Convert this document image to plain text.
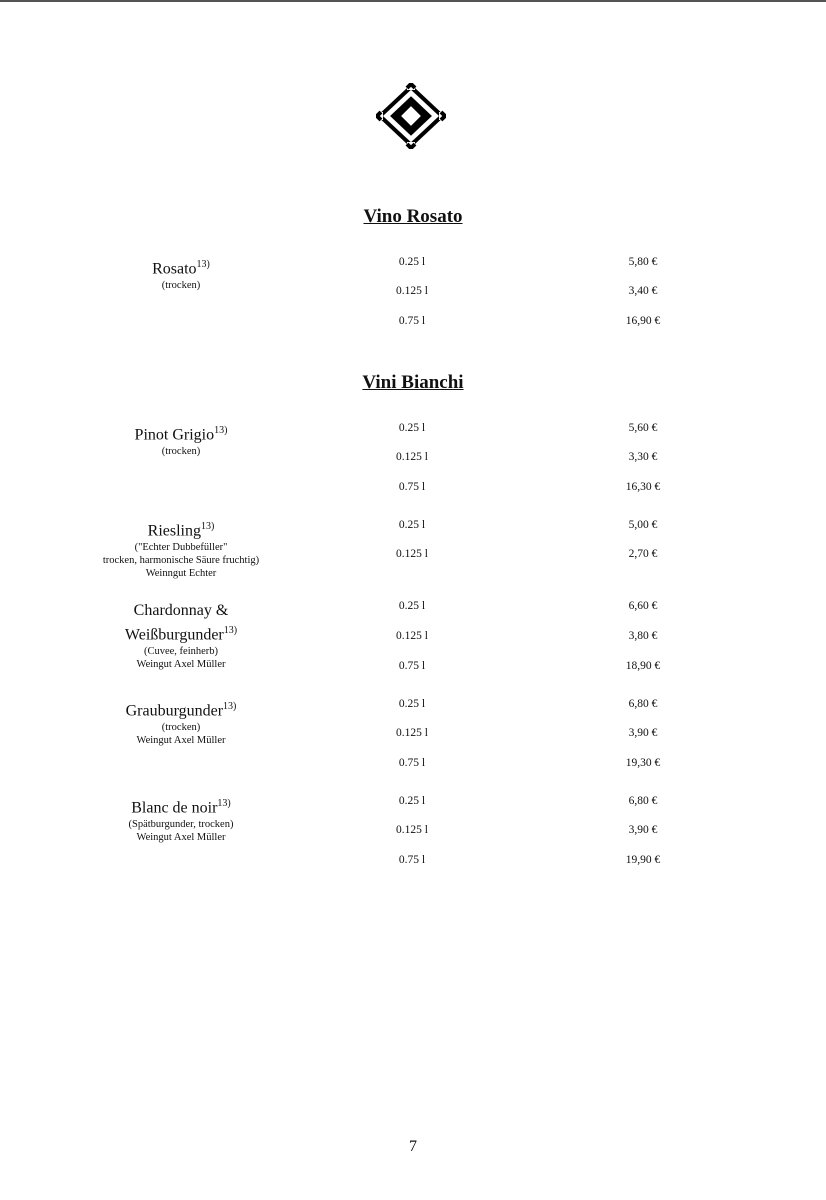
Vino Rosato
Rosato$^{13)}$
(trocken)
0.25 l	5,80 €
0.125 l	3,40 €
0.75 l	16,90 €
Vini Bianchi
Pinot Grigio$^{13)}$
(trocken)
0.25 l	5,60 €
0.125 l	3,30 €
0.75 l	16,30 €
Riesling$^{13)}$
("Echter Dubbefüller"
trocken, harmonische Säure fruchtig)
Weinngut Echter
0.25 l	5,00 €
0.125 l	2,70 €
Chardonnay &
Weißburgunder$^{13)}$
(Cuvee, feinherb)
Weingut Axel Müller
0.25 l	6,60 €
0.125 l	3,80 €
0.75 l	18,90 €
Grauburgunder$^{13)}$
(trocken)
Weingut Axel Müller
0.25 l	6,80 €
0.125 l	3,90 €
0.75 l	19,30 €
Blanc de noir$^{13)}$
(Spätburgunder, trocken)
Weingut Axel Müller
0.25 l	6,80 €
0.125 l	3,90 €
0.75 l	19,90 €
7
